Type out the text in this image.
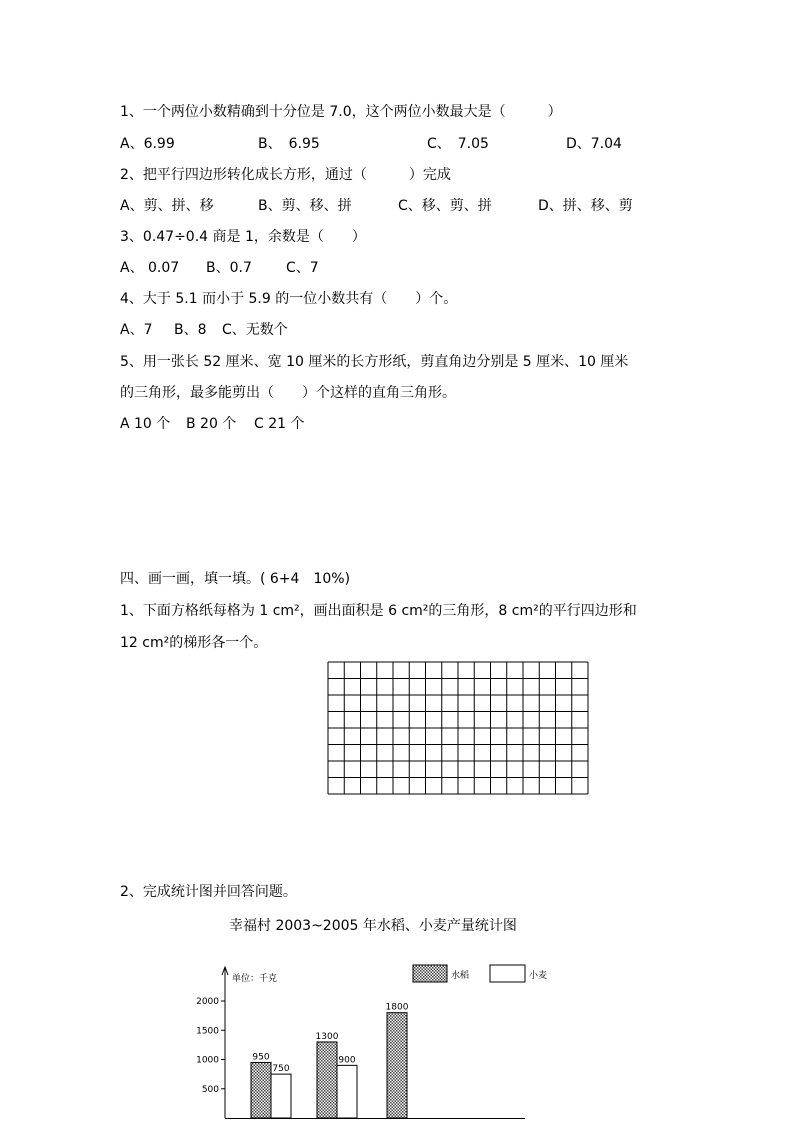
1、一个两位小数精确到十分位是 7.0，这个两位小数最大是（　　　）
A、6.99	B、　6.95	C、　7.05	D、7.04
2、把平行四边形转化成长方形，通过（　　　）完成
A、剪、拼、移	B、剪、移、拼	C、移、剪、拼	D、拼、移、剪
3、0.47÷0.4 商是 1，余数是（　　）
A、 0.07 B、0.7 C、7
4、大于 5.1 而小于 5.9 的一位小数共有（　　）个。
A、7 B、8 C、无数个
5、用一张长 52 厘米、宽 10 厘米的长方形纸，剪直角边分别是 5 厘米、10 厘米
的三角形，最多能剪出（　　）个这样的直角三角形。
A 10 个 B 20 个 C 21 个
四、画一画，填一填。( 6+4　10%)
1、下面方格纸每格为 1 cm²，画出面积是 6 cm²的三角形，8 cm²的平行四边形和
12 cm²的梯形各一个。
2、完成统计图并回答问题。
幸福村 2003~2005 年水稻、小麦产量统计图
单位：千克
500
1000
1500
2000
950
1300
1800
750
900
水稻	小麦
